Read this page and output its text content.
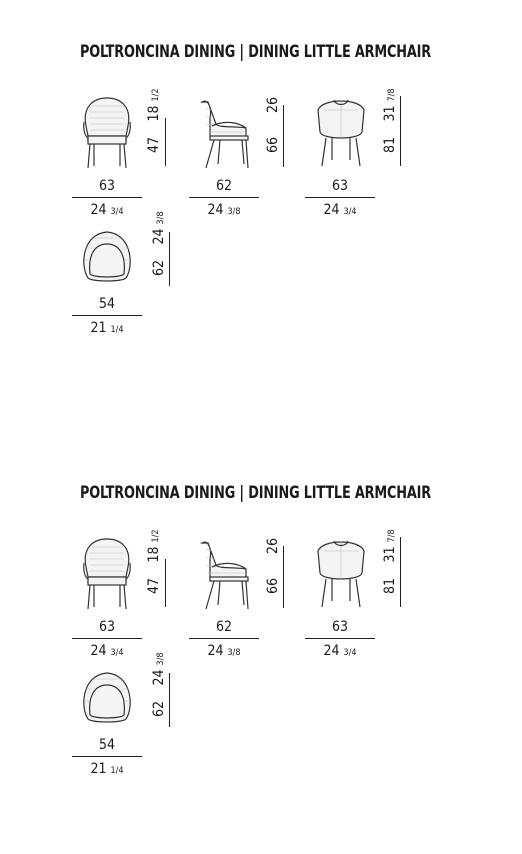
POLTRONCINA DINING | DINING LITTLE ARMCHAIR
63
24 3/4
4718 1/2
62
24 3/8
6626
63
24 3/4
8131 7/8
54
21 1/4
6224 3/8
POLTRONCINA DINING | DINING LITTLE ARMCHAIR
63
24 3/4
4718 1/2
62
24 3/8
6626
63
24 3/4
8131 7/8
54
21 1/4
6224 3/8
